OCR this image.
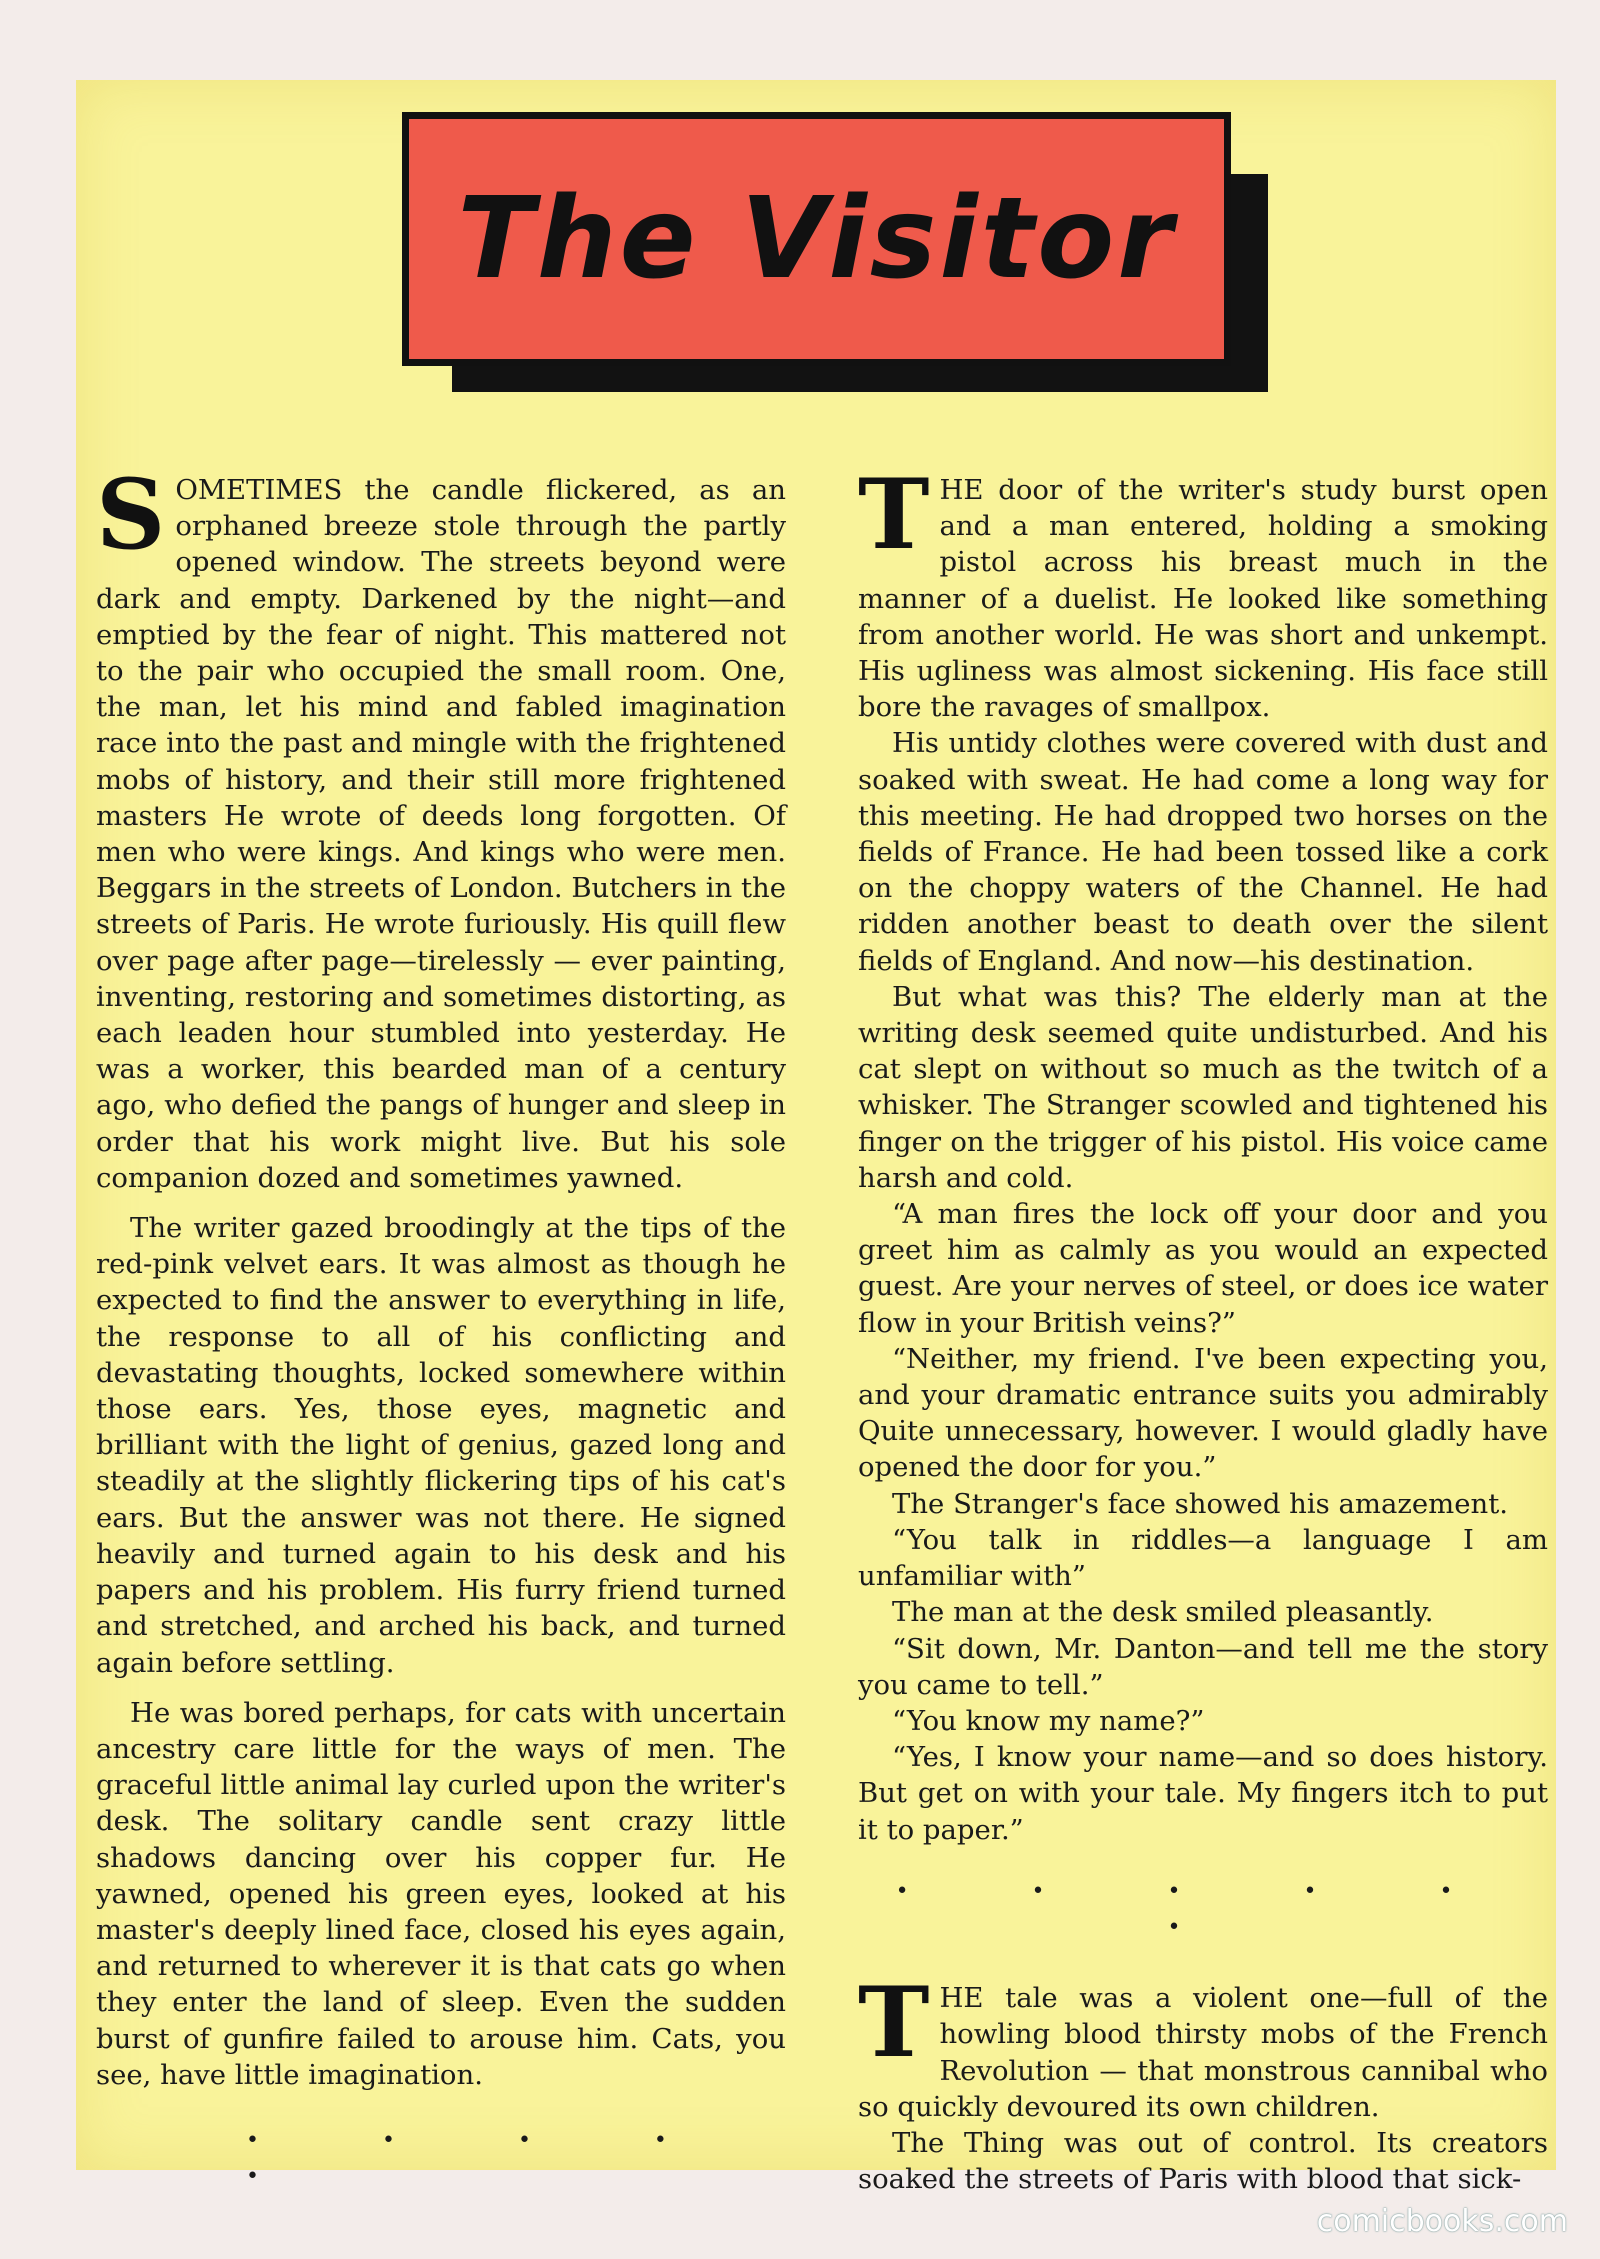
The Visitor

SOMETIMES the candle flickered, as an orphaned breeze stole through the partly opened window. The streets beyond were dark and empty. Darkened by the night—and emptied by the fear of night. This mattered not to the pair who occupied the small room. One, the man, let his mind and fabled imagination race into the past and mingle with the frightened mobs of history, and their still more frightened masters He wrote of deeds long forgotten. Of men who were kings. And kings who were men. Beggars in the streets of London. Butchers in the streets of Paris. He wrote furiously. His quill flew over page after page—tirelessly — ever painting, inventing, restoring and sometimes distorting, as each leaden hour stumbled into yesterday. He was a worker, this bearded man of a century ago, who defied the pangs of hunger and sleep in order that his work might live. But his sole companion dozed and sometimes yawned.

The writer gazed broodingly at the tips of the red-pink velvet ears. It was almost as though he expected to find the answer to everything in life, the response to all of his conflicting and devastating thoughts, locked somewhere within those ears. Yes, those eyes, magnetic and brilliant with the light of genius, gazed long and steadily at the slightly flickering tips of his cat's ears. But the answer was not there. He signed heavily and turned again to his desk and his papers and his problem. His furry friend turned and stretched, and arched his back, and turned again before settling.

He was bored perhaps, for cats with uncertain ancestry care little for the ways of men. The graceful little animal lay curled upon the writer's desk. The solitary candle sent crazy little shadows dancing over his copper fur. He yawned, opened his green eyes, looked at his master's deeply lined face, closed his eyes again, and returned to wherever it is that cats go when they enter the land of sleep. Even the sudden burst of gunfire failed to arouse him. Cats, you see, have little imagination.

• • • • •

THE door of the writer's study burst open and a man entered, holding a smoking pistol across his breast much in the manner of a duelist. He looked like something from another world. He was short and unkempt. His ugliness was almost sickening. His face still bore the ravages of smallpox.

His untidy clothes were covered with dust and soaked with sweat. He had come a long way for this meeting. He had dropped two horses on the fields of France. He had been tossed like a cork on the choppy waters of the Channel. He had ridden another beast to death over the silent fields of England. And now—his destination.

But what was this? The elderly man at the writing desk seemed quite undisturbed. And his cat slept on without so much as the twitch of a whisker. The Stranger scowled and tightened his finger on the trigger of his pistol. His voice came harsh and cold.

“A man fires the lock off your door and you greet him as calmly as you would an expected guest. Are your nerves of steel, or does ice water flow in your British veins?”

“Neither, my friend. I've been expecting you, and your dramatic entrance suits you admirably Quite unnecessary, however. I would gladly have opened the door for you.”

The Stranger's face showed his amazement.

“You talk in riddles—a language I am unfamiliar with”

The man at the desk smiled pleasantly.

“Sit down, Mr. Danton—and tell me the story you came to tell.”

“You know my name?”

“Yes, I know your name—and so does history. But get on with your tale. My fingers itch to put it to paper.”

• • • • • •

THE tale was a violent one—full of the howling blood thirsty mobs of the French Revolution — that monstrous cannibal who so quickly devoured its own children.

The Thing was out of control. Its creators soaked the streets of Paris with blood that sick-

comicbooks.com
